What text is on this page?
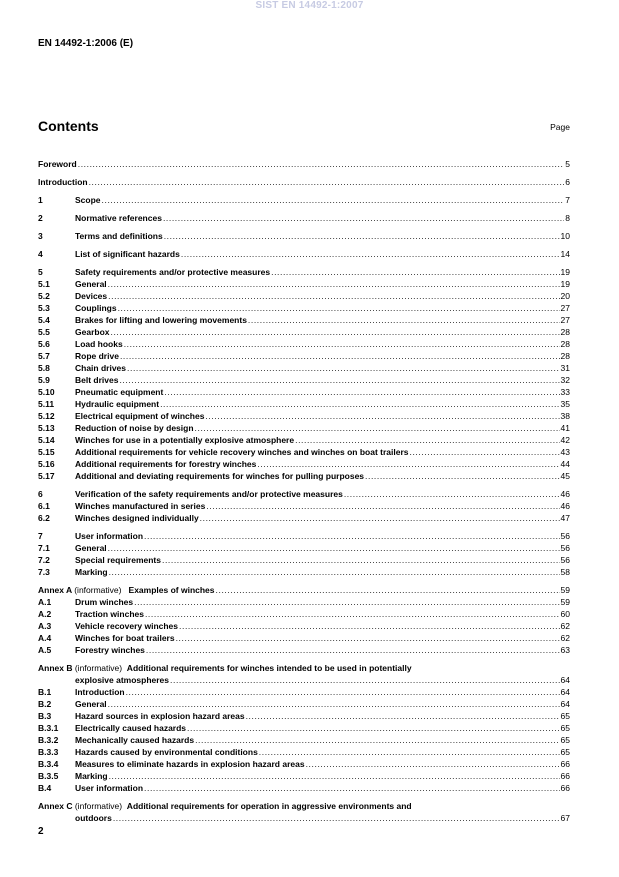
SIST EN 14492-1:2007
EN 14492-1:2006 (E)
Contents	Page
Foreword .....	5
Introduction .....	6
1	Scope .....	7
2	Normative references .....	8
3	Terms and definitions .....	10
4	List of significant hazards .....	14
5	Safety requirements and/or protective measures .....	19
5.1	General .....	19
5.2	Devices .....	20
5.3	Couplings .....	27
5.4	Brakes for lifting and lowering movements .....	27
5.5	Gearbox .....	28
5.6	Load hooks .....	28
5.7	Rope drive .....	28
5.8	Chain drives .....	31
5.9	Belt drives .....	32
5.10	Pneumatic equipment .....	33
5.11	Hydraulic equipment .....	35
5.12	Electrical equipment of winches .....	38
5.13	Reduction of noise by design .....	41
5.14	Winches for use in a potentially explosive atmosphere .....	42
5.15	Additional requirements for vehicle recovery winches and winches on boat trailers .....	43
5.16	Additional requirements for forestry winches .....	44
5.17	Additional and deviating requirements for winches for pulling purposes .....	45
6	Verification of the safety requirements and/or protective measures .....	46
6.1	Winches manufactured in series .....	46
6.2	Winches designed individually .....	47
7	User information .....	56
7.1	General .....	56
7.2	Special requirements .....	56
7.3	Marking .....	58
Annex A (informative)   Examples of winches .....	59
A.1	Drum winches .....	59
A.2	Traction winches .....	60
A.3	Vehicle recovery winches .....	62
A.4	Winches for boat trailers .....	62
A.5	Forestry winches .....	63
Annex B (informative)  Additional requirements for winches intended to be used in potentially
explosive atmospheres .....	64
B.1	Introduction .....	64
B.2	General .....	64
B.3	Hazard sources in explosion hazard areas .....	65
B.3.1	Electrically caused hazards .....	65
B.3.2	Mechanically caused hazards .....	65
B.3.3	Hazards caused by environmental conditions .....	65
B.3.4	Measures to eliminate hazards in explosion hazard areas .....	66
B.3.5	Marking .....	66
B.4	User information .....	66
Annex C (informative)  Additional requirements for operation in aggressive environments and
outdoors .....	67
2
